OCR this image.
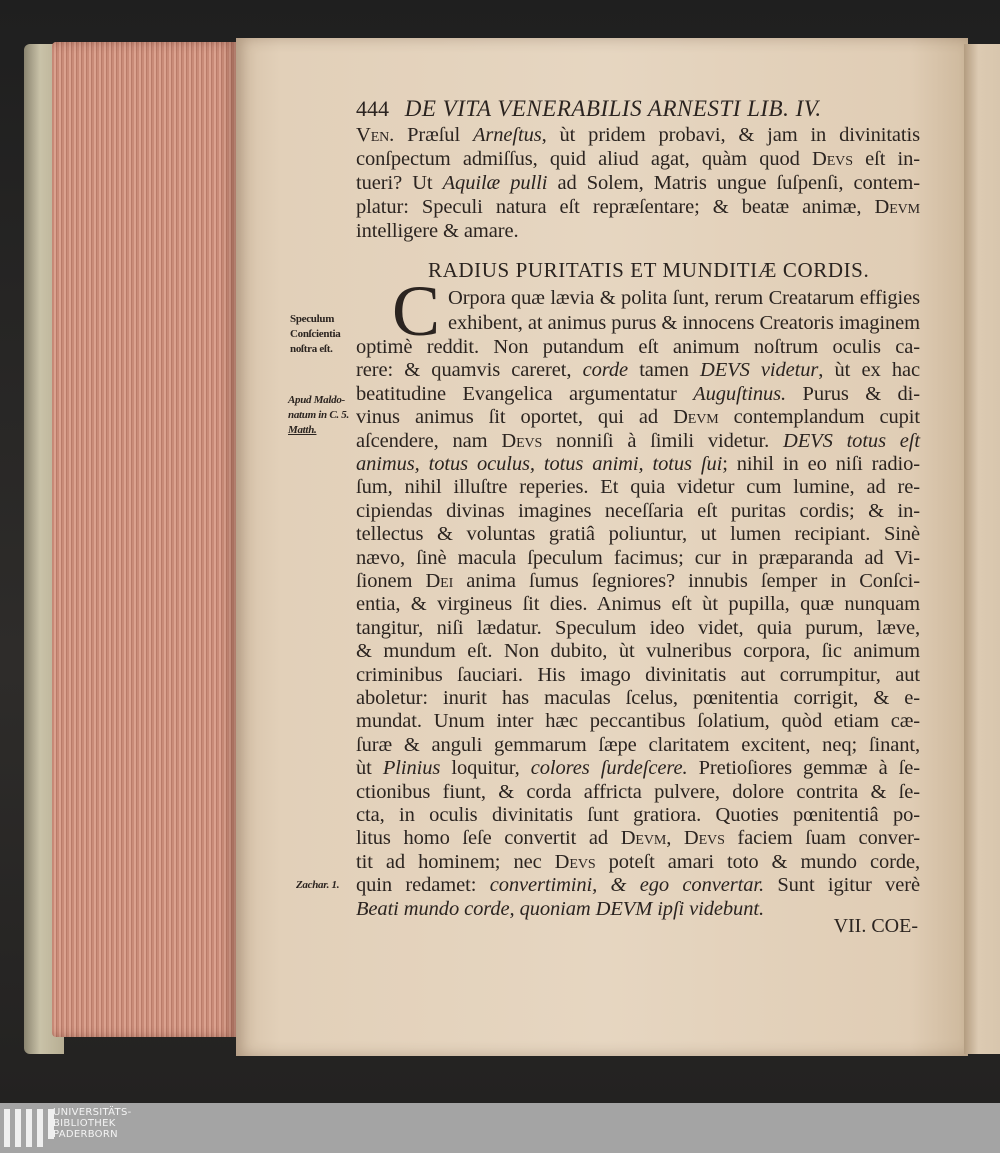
444 DE VITA VENERABILIS ARNESTI LIB. IV.
RADIUS PURITATIS ET MUNDITIÆ CORDIS.
C
Ven. Præſul Arneſtus, ùt pridem probavi, & jam in divinitatis
conſpectum admiſſus, quid aliud agat, quàm quod Devs eſt in-
tueri? Ut Aquilæ pulli ad Solem, Matris ungue ſuſpenſi, contem-
platur: Speculi natura eſt repræſentare; & beatæ animæ, Devm
intelligere & amare.
Orpora quæ lævia & polita ſunt, rerum Creatarum effigies
exhibent, at animus purus & innocens Creatoris imaginem
optimè reddit. Non putandum eſt animum noſtrum oculis ca-
rere: & quamvis careret, corde tamen DEVS videtur, ùt ex hac
beatitudine Evangelica argumentatur Auguſtinus. Purus & di-
vinus animus ſit oportet, qui ad Devm contemplandum cupit
aſcendere, nam Devs nonniſi à ſimili videtur. DEVS totus eſt
animus, totus oculus, totus animi, totus ſui; nihil in eo niſi radio-
ſum, nihil illuſtre reperies. Et quia videtur cum lumine, ad re-
cipiendas divinas imagines neceſſaria eſt puritas cordis; & in-
tellectus & voluntas gratiâ poliuntur, ut lumen recipiant. Sinè
nævo, ſinè macula ſpeculum facimus; cur in præparanda ad Vi-
ſionem Dei anima ſumus ſegniores? innubis ſemper in Conſci-
entia, & virgineus ſit dies. Animus eſt ùt pupilla, quæ nunquam
tangitur, niſi lædatur. Speculum ideo videt, quia purum, læve,
& mundum eſt. Non dubito, ùt vulneribus corpora, ſic animum
criminibus ſauciari. His imago divinitatis aut corrumpitur, aut
aboletur: inurit has maculas ſcelus, pœnitentia corrigit, & e-
mundat. Unum inter hæc peccantibus ſolatium, quòd etiam cæ-
ſuræ & anguli gemmarum ſæpe claritatem excitent, neq; ſinant,
ùt Plinius loquitur, colores ſurdeſcere. Pretioſiores gemmæ à ſe-
ctionibus fiunt, & corda affricta pulvere, dolore contrita & ſe-
cta, in oculis divinitatis ſunt gratiora. Quoties pœnitentiâ po-
litus homo ſeſe convertit ad Devm, Devs faciem ſuam conver-
tit ad hominem; nec Devs poteſt amari toto & mundo corde,
quin redamet: convertimini, & ego convertar. Sunt igitur verè
Beati mundo corde, quoniam DEVM ipſi videbunt.
Speculum
Conſcientia
noſtra eſt.
Apud Maldo-
natum in C. 5.
Matth.
Zachar. 1.
VII. COE-
UNIVERSITÄTS-
BIBLIOTHEK
PADERBORN
